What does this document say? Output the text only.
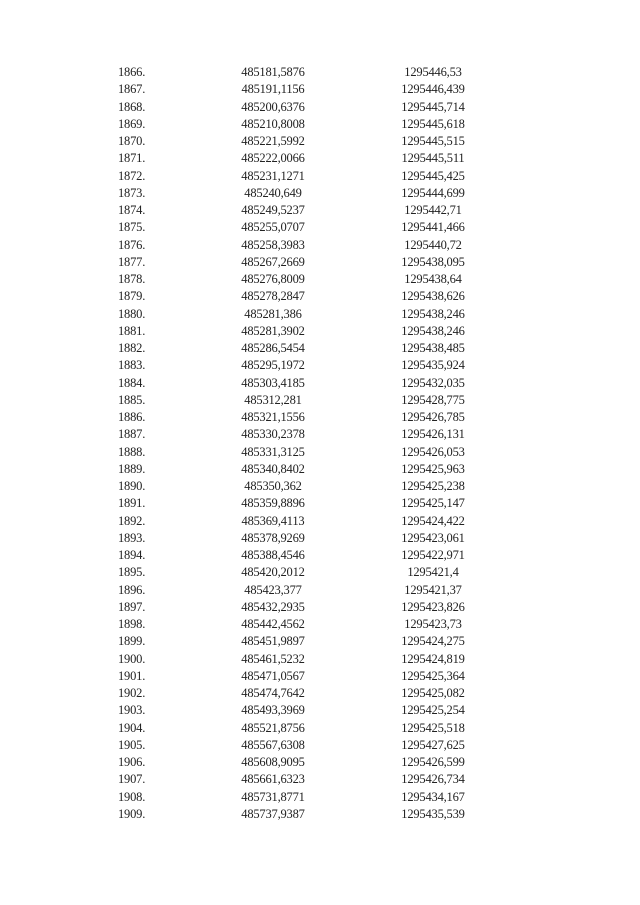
1866.	485181,5876	1295446,53
1867.	485191,1156	1295446,439
1868.	485200,6376	1295445,714
1869.	485210,8008	1295445,618
1870.	485221,5992	1295445,515
1871.	485222,0066	1295445,511
1872.	485231,1271	1295445,425
1873.	485240,649	1295444,699
1874.	485249,5237	1295442,71
1875.	485255,0707	1295441,466
1876.	485258,3983	1295440,72
1877.	485267,2669	1295438,095
1878.	485276,8009	1295438,64
1879.	485278,2847	1295438,626
1880.	485281,386	1295438,246
1881.	485281,3902	1295438,246
1882.	485286,5454	1295438,485
1883.	485295,1972	1295435,924
1884.	485303,4185	1295432,035
1885.	485312,281	1295428,775
1886.	485321,1556	1295426,785
1887.	485330,2378	1295426,131
1888.	485331,3125	1295426,053
1889.	485340,8402	1295425,963
1890.	485350,362	1295425,238
1891.	485359,8896	1295425,147
1892.	485369,4113	1295424,422
1893.	485378,9269	1295423,061
1894.	485388,4546	1295422,971
1895.	485420,2012	1295421,4
1896.	485423,377	1295421,37
1897.	485432,2935	1295423,826
1898.	485442,4562	1295423,73
1899.	485451,9897	1295424,275
1900.	485461,5232	1295424,819
1901.	485471,0567	1295425,364
1902.	485474,7642	1295425,082
1903.	485493,3969	1295425,254
1904.	485521,8756	1295425,518
1905.	485567,6308	1295427,625
1906.	485608,9095	1295426,599
1907.	485661,6323	1295426,734
1908.	485731,8771	1295434,167
1909.	485737,9387	1295435,539
